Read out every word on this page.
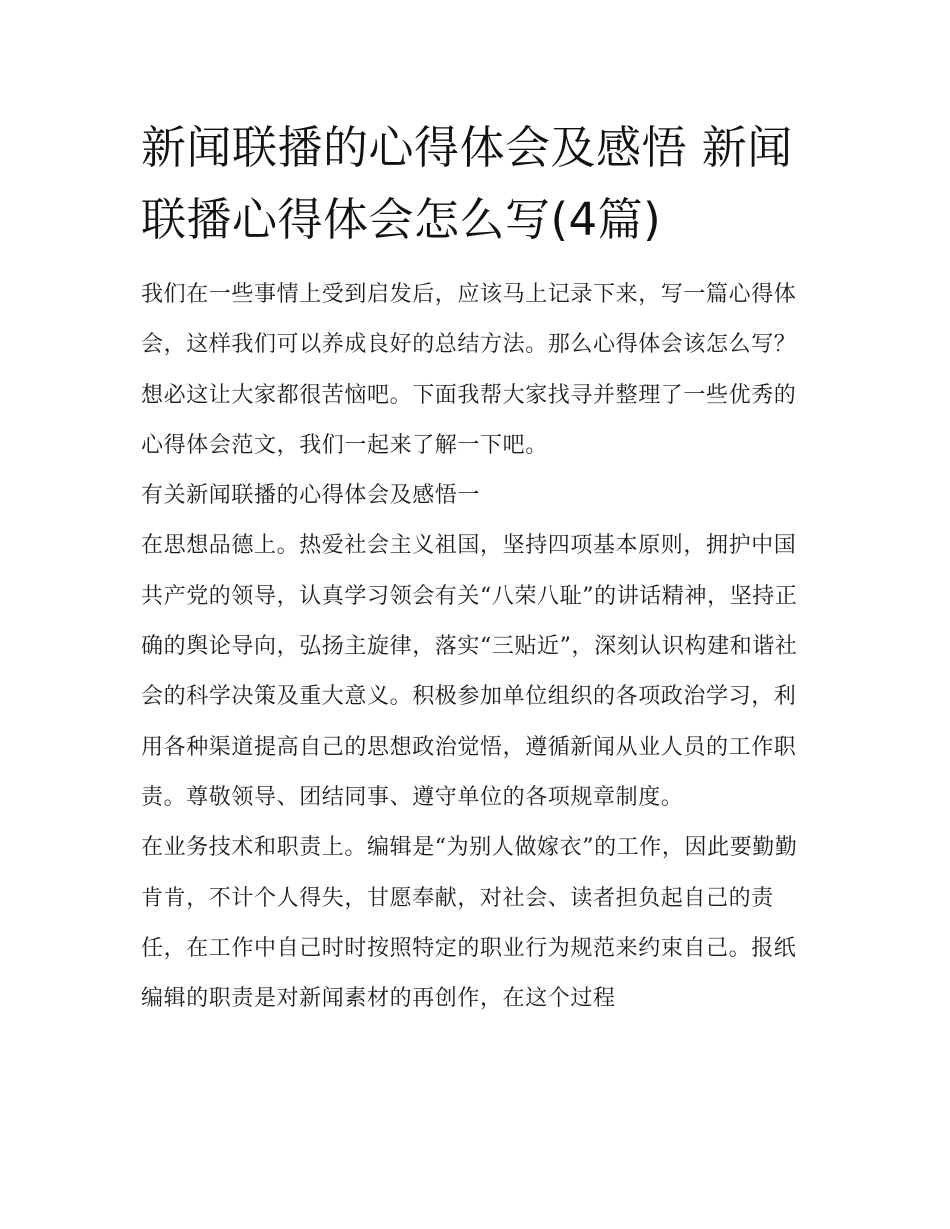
新闻联播的心得体会及感悟 新闻联播心得体会怎么写(4篇)

我们在一些事情上受到启发后，应该马上记录下来，写一篇心得体会，这样我们可以养成良好的总结方法。那么心得体会该怎么写？想必这让大家都很苦恼吧。下面我帮大家找寻并整理了一些优秀的心得体会范文，我们一起来了解一下吧。

有关新闻联播的心得体会及感悟一

在思想品德上。热爱社会主义祖国，坚持四项基本原则，拥护中国共产党的领导，认真学习领会有关“八荣八耻”的讲话精神，坚持正确的舆论导向，弘扬主旋律，落实“三贴近”，深刻认识构建和谐社会的科学决策及重大意义。积极参加单位组织的各项政治学习，利用各种渠道提高自己的思想政治觉悟，遵循新闻从业人员的工作职责。尊敬领导、团结同事、遵守单位的各项规章制度。

在业务技术和职责上。编辑是“为别人做嫁衣”的工作，因此要勤勤肯肯，不计个人得失，甘愿奉献，对社会、读者担负起自己的责任，在工作中自己时时按照特定的职业行为规范来约束自己。报纸编辑的职责是对新闻素材的再创作，在这个过程
